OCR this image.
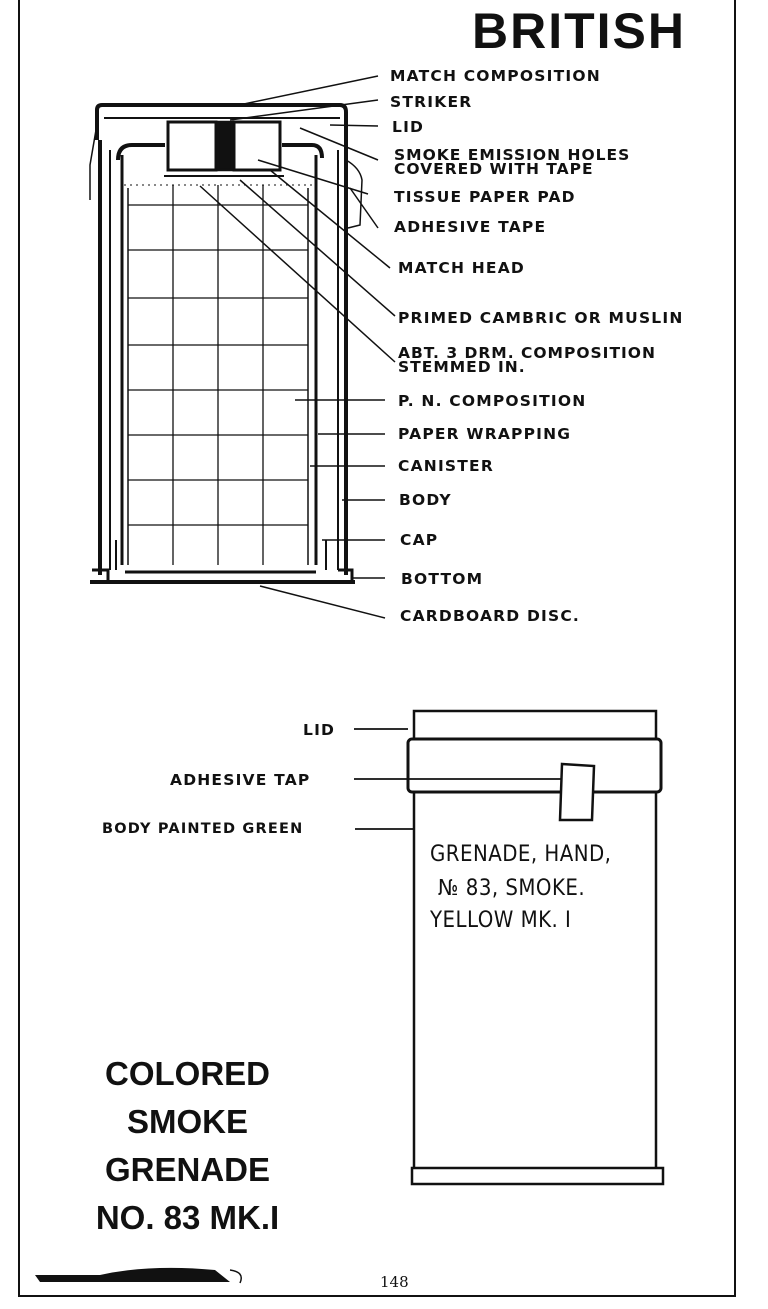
BRITISH
MATCH COMPOSITION
STRIKER
LID
SMOKE EMISSION HOLES
COVERED WITH TAPE
TISSUE PAPER PAD
ADHESIVE TAPE
MATCH HEAD
PRIMED CAMBRIC OR MUSLIN
ABT. 3 DRM. COMPOSITION
STEMMED IN.
P. N. COMPOSITION
PAPER WRAPPING
CANISTER
BODY
CAP
BOTTOM
CARDBOARD DISC.
LID
ADHESIVE TAP
BODY PAINTED GREEN
GRENADE, HAND,
№ 83, SMOKE.
YELLOW MK. I
COLORED
SMOKE
GRENADE
NO. 83 MK.I
148
